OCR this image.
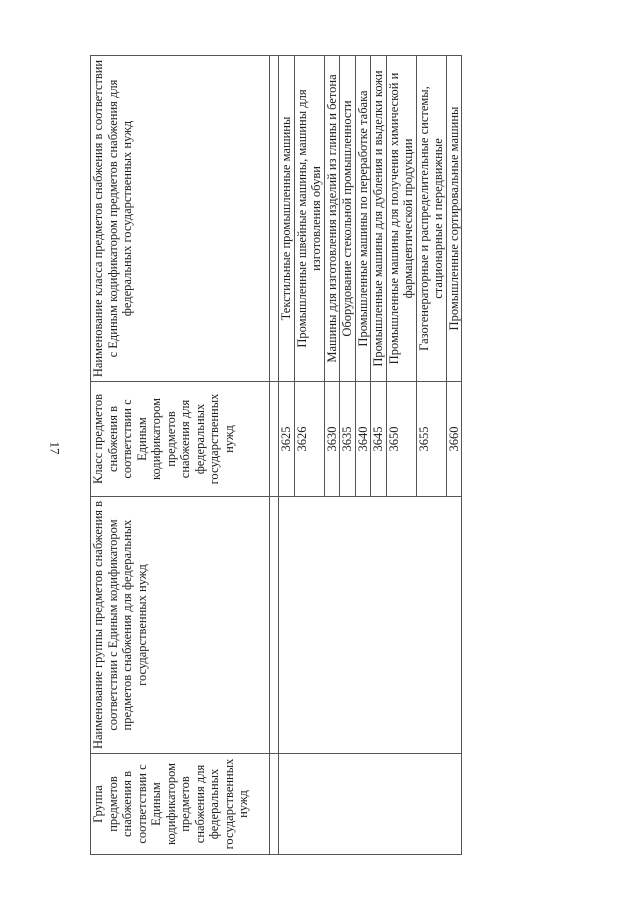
17
Группа предметов снабжения в соответствии с Единым кодификатором предметов снабжения для федеральных государственных нужд	Наименование группы предметов снабжения в соответствии с Единым кодификатором предметов снабжения для федеральных государственных нужд	Класс предметов снабжения в соответствии с Единым кодификатором предметов снабжения для федеральных государственных нужд	Наименование класса предметов снабжения в соответствии с Единым кодификатором предметов снабжения для федеральных государственных нужд

		3625	Текстильные промышленные машины
		3626	Промышленные швейные машины, машины для изготовления обуви
		3630	Машины для изготовления изделий из глины и бетона
		3635	Оборудование стекольной промышленности
		3640	Промышленные машины по переработке табака
		3645	Промышленные машины для дубления и выделки кожи
		3650	Промышленные машины для получения химической и фармацевтической продукции
		3655	Газогенераторные и распределительные системы, стационарные и передвижные
		3660	Промышленные сортировальные машины
